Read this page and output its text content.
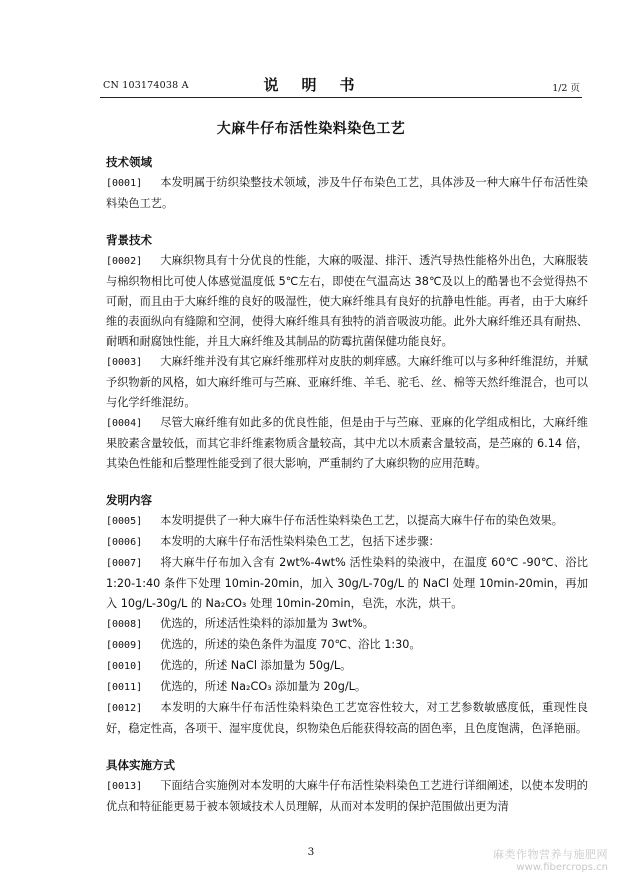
CN 103174038 A	说　明　书	1/2 页
大麻牛仔布活性染料染色工艺
技术领域

[0001] 本发明属于纺织染整技术领域，涉及牛仔布染色工艺，具体涉及一种大麻牛仔布活性染料染色工艺。

背景技术

[0002] 大麻织物具有十分优良的性能，大麻的吸湿、排汗、透汽导热性能格外出色，大麻服装与棉织物相比可使人体感觉温度低 5℃左右，即使在气温高达 38℃及以上的酷暑也不会觉得热不可耐，而且由于大麻纤维的良好的吸湿性，使大麻纤维具有良好的抗静电性能。再者，由于大麻纤维的表面纵向有缝隙和空洞，使得大麻纤维具有独特的消音吸波功能。此外大麻纤维还具有耐热、耐晒和耐腐蚀性能，并且大麻纤维及其制品的防霉抗菌保健功能良好。

[0003] 大麻纤维并没有其它麻纤维那样对皮肤的刺痒感。大麻纤维可以与多种纤维混纺，并赋予织物新的风格，如大麻纤维可与苎麻、亚麻纤维、羊毛、驼毛、丝、棉等天然纤维混合，也可以与化学纤维混纺。

[0004] 尽管大麻纤维有如此多的优良性能，但是由于与苎麻、亚麻的化学组成相比，大麻纤维果胶素含量较低，而其它非纤维素物质含量较高，其中尤以木质素含量较高，是苎麻的 6.14 倍，其染色性能和后整理性能受到了很大影响，严重制约了大麻织物的应用范畴。

发明内容

[0005] 本发明提供了一种大麻牛仔布活性染料染色工艺，以提高大麻牛仔布的染色效果。

[0006] 本发明的大麻牛仔布活性染料染色工艺，包括下述步骤：

[0007] 将大麻牛仔布加入含有 2wt%-4wt% 活性染料的染液中，在温度 60℃ -90℃、浴比 1:20-1:40 条件下处理 10min-20min，加入 30g/L-70g/L 的 NaCl 处理 10min-20min，再加入 10g/L-30g/L 的 Na₂CO₃ 处理 10min-20min，皂洗，水洗，烘干。

[0008] 优选的，所述活性染料的添加量为 3wt%。

[0009] 优选的，所述的染色条件为温度 70℃、浴比 1:30。

[0010] 优选的，所述 NaCl 添加量为 50g/L。

[0011] 优选的，所述 Na₂CO₃ 添加量为 20g/L。

[0012] 本发明的大麻牛仔布活性染料染色工艺宽容性较大，对工艺参数敏感度低，重现性良好，稳定性高，各项干、湿牢度优良，织物染色后能获得较高的固色率，且色度饱满，色泽艳丽。

具体实施方式

[0013] 下面结合实施例对本发明的大麻牛仔布活性染料染色工艺进行详细阐述，以使本发明的优点和特征能更易于被本领域技术人员理解，从而对本发明的保护范围做出更为清

3	麻类作物营养与施肥网
www.fibercrops.cn
